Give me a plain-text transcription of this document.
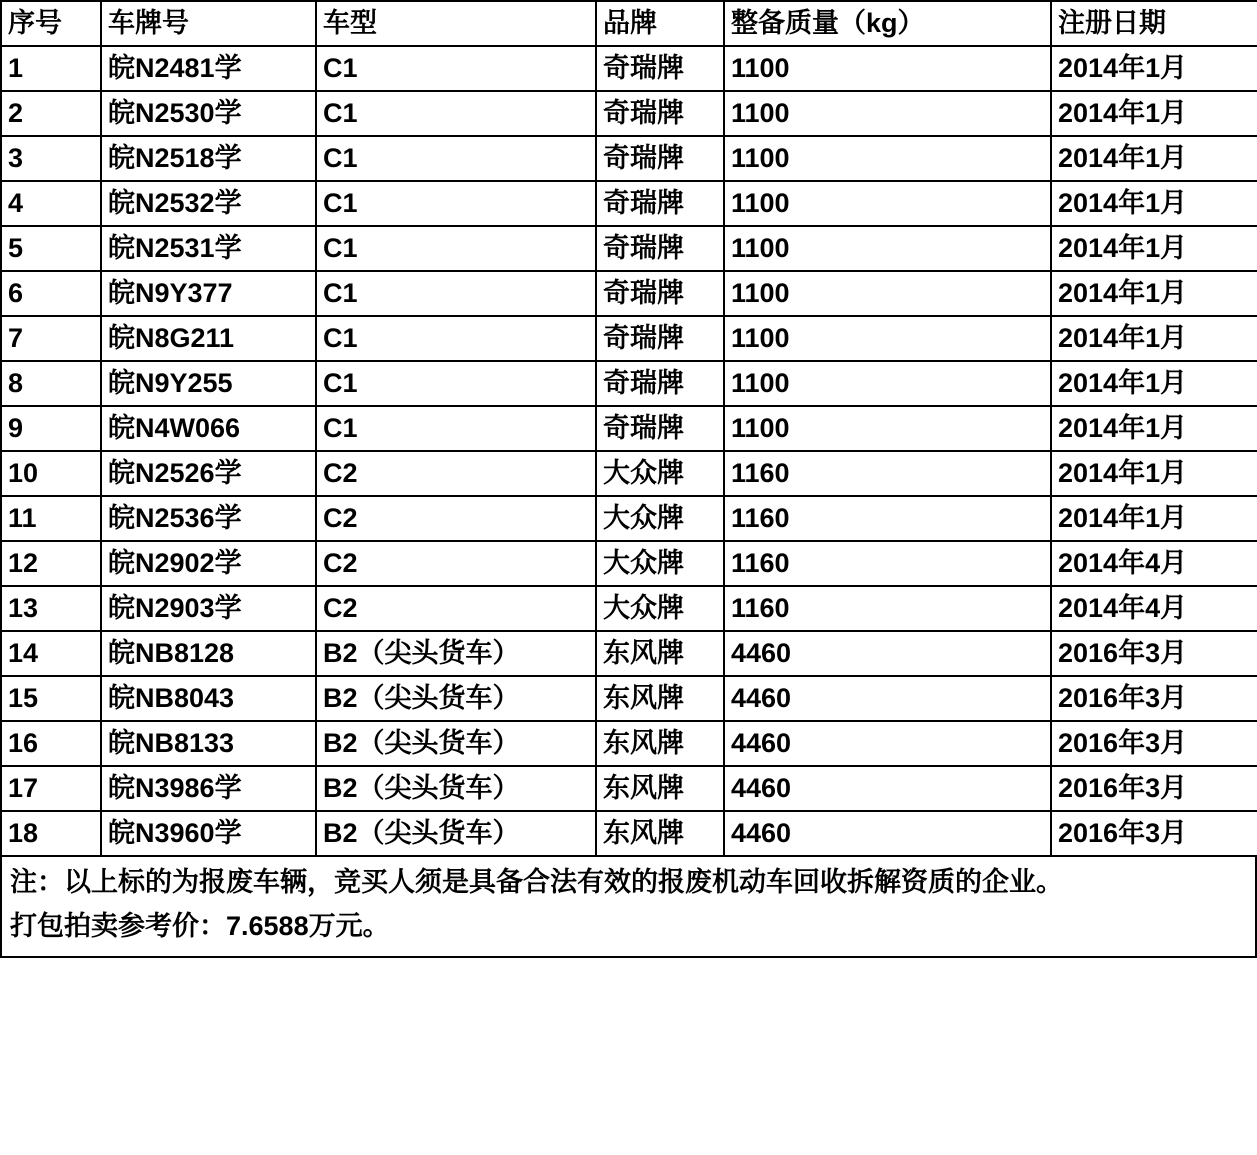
序号	车牌号	车型	品牌	整备质量（kg）	注册日期
1	皖N2481学	C1	奇瑞牌	1100	2014年1月
2	皖N2530学	C1	奇瑞牌	1100	2014年1月
3	皖N2518学	C1	奇瑞牌	1100	2014年1月
4	皖N2532学	C1	奇瑞牌	1100	2014年1月
5	皖N2531学	C1	奇瑞牌	1100	2014年1月
6	皖N9Y377	C1	奇瑞牌	1100	2014年1月
7	皖N8G211	C1	奇瑞牌	1100	2014年1月
8	皖N9Y255	C1	奇瑞牌	1100	2014年1月
9	皖N4W066	C1	奇瑞牌	1100	2014年1月
10	皖N2526学	C2	大众牌	1160	2014年1月
11	皖N2536学	C2	大众牌	1160	2014年1月
12	皖N2902学	C2	大众牌	1160	2014年4月
13	皖N2903学	C2	大众牌	1160	2014年4月
14	皖NB8128	B2（尖头货车）	东风牌	4460	2016年3月
15	皖NB8043	B2（尖头货车）	东风牌	4460	2016年3月
16	皖NB8133	B2（尖头货车）	东风牌	4460	2016年3月
17	皖N3986学	B2（尖头货车）	东风牌	4460	2016年3月
18	皖N3960学	B2（尖头货车）	东风牌	4460	2016年3月
注：以上标的为报废车辆，竞买人须是具备合法有效的报废机动车回收拆解资质的企业。
打包拍卖参考价：7.6588万元。
